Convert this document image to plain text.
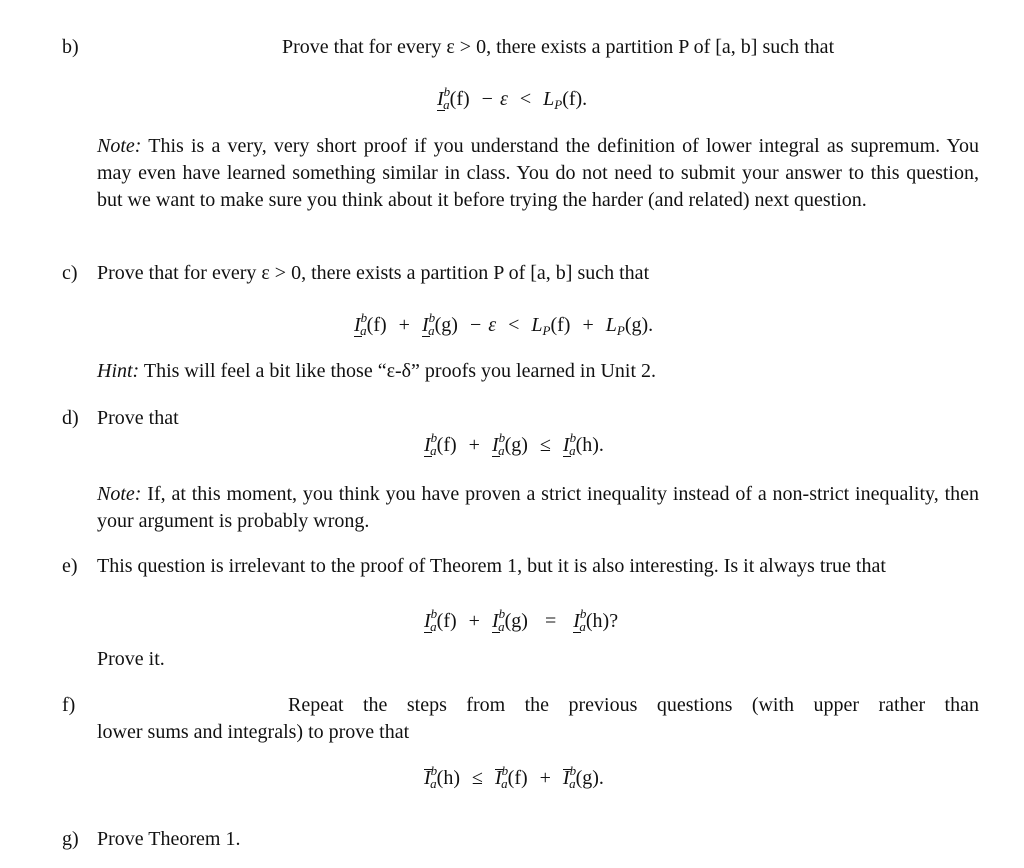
b)	Prove that for every ε > 0, there exists a partition P of [a, b] such that
$I^b_a(f) - \varepsilon < L_P(f)$.
Note: This is a very, very short proof if you understand the definition of lower integral as supremum. You may even have learned something similar in class. You do not need to submit your answer to this question, but we want to make sure you think about it before trying the harder (and related) next question.
c) Prove that for every ε > 0, there exists a partition P of [a, b] such that
$I^b_a(f) + I^b_a(g) - \varepsilon < L_P(f) + L_P(g)$.
Hint: This will feel a bit like those “ε-δ” proofs you learned in Unit 2.
d) Prove that
$I^b_a(f) + I^b_a(g) \le I^b_a(h)$.
Note: If, at this moment, you think you have proven a strict inequality instead of a non-strict inequality, then your argument is probably wrong.
e) This question is irrelevant to the proof of Theorem 1, but it is also interesting. Is it always true that
$I^b_a(f) + I^b_a(g) = I^b_a(h)$?
Prove it.
f)	Repeat the steps from the previous questions (with upper rather than
lower sums and integrals) to prove that
$I^b_a(h) \le I^b_a(f) + I^b_a(g)$.
g) Prove Theorem 1.
